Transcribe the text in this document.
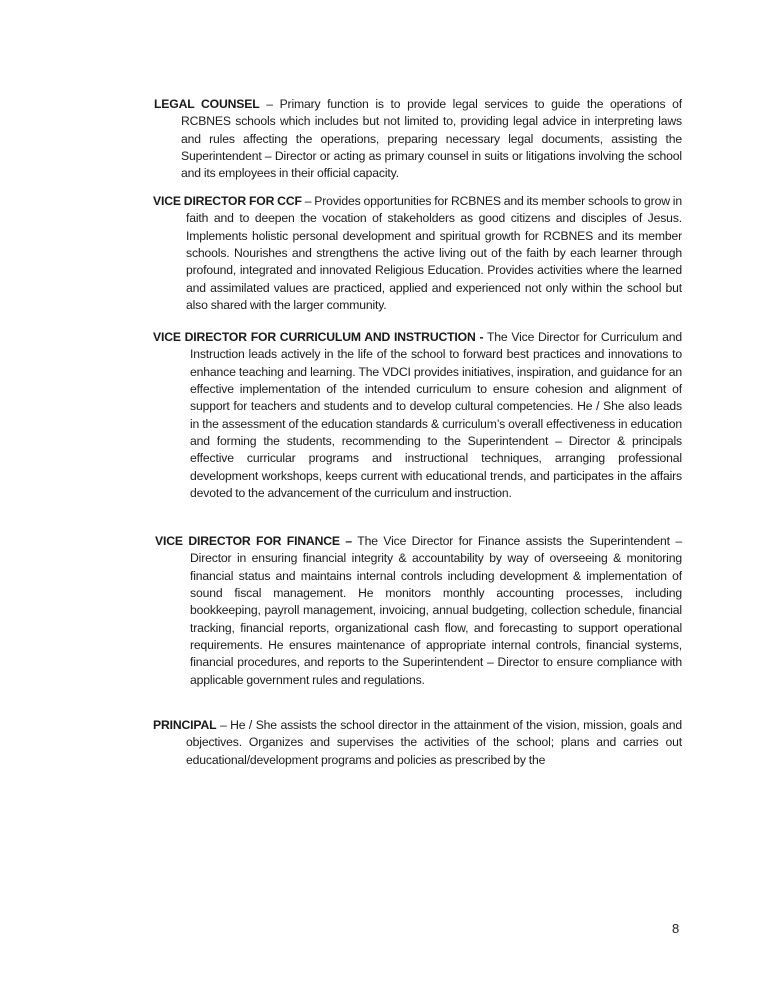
LEGAL COUNSEL – Primary function is to provide legal services to guide the operations of RCBNES schools which includes but not limited to, providing legal advice in interpreting laws and rules affecting the operations, preparing necessary legal documents, assisting the Superintendent – Director or acting as primary counsel in suits or litigations involving the school and its employees in their official capacity.

VICE DIRECTOR FOR CCF – Provides opportunities for RCBNES and its member schools to grow in faith and to deepen the vocation of stakeholders as good citizens and disciples of Jesus. Implements holistic personal development and spiritual growth for RCBNES and its member schools. Nourishes and strengthens the active living out of the faith by each learner through profound, integrated and innovated Religious Education. Provides activities where the learned and assimilated values are practiced, applied and experienced not only within the school but also shared with the larger community.

VICE DIRECTOR FOR CURRICULUM AND INSTRUCTION - The Vice Director for Curriculum and Instruction leads actively in the life of the school to forward best practices and innovations to enhance teaching and learning. The VDCI provides initiatives, inspiration, and guidance for an effective implementation of the intended curriculum to ensure cohesion and alignment of support for teachers and students and to develop cultural competencies. He / She also leads in the assessment of the education standards & curriculum’s overall effectiveness in education and forming the students, recommending to the Superintendent – Director & principals effective curricular programs and instructional techniques, arranging professional development workshops, keeps current with educational trends, and participates in the affairs devoted to the advancement of the curriculum and instruction.

VICE DIRECTOR FOR FINANCE – The Vice Director for Finance assists the Superintendent – Director in ensuring financial integrity & accountability by way of overseeing & monitoring financial status and maintains internal controls including development & implementation of sound fiscal management. He monitors monthly accounting processes, including bookkeeping, payroll management, invoicing, annual budgeting, collection schedule, financial tracking, financial reports, organizational cash flow, and forecasting to support operational requirements. He ensures maintenance of appropriate internal controls, financial systems, financial procedures, and reports to the Superintendent – Director to ensure compliance with applicable government rules and regulations.

PRINCIPAL – He / She assists the school director in the attainment of the vision, mission, goals and objectives. Organizes and supervises the activities of the school; plans and carries out educational/development programs and policies as prescribed by the

8
